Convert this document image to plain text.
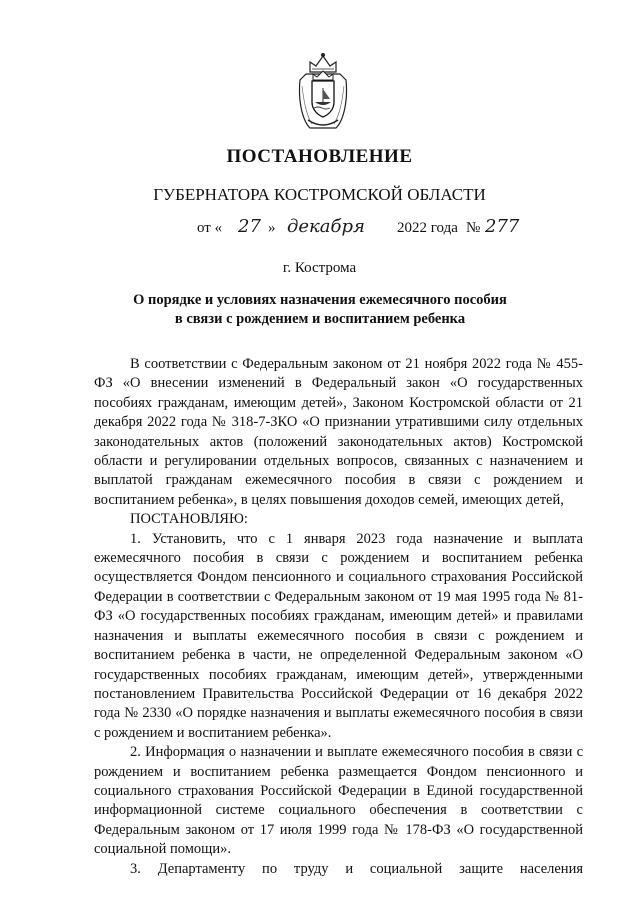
ПОСТАНОВЛЕНИЕ
ГУБЕРНАТОРА КОСТРОМСКОЙ ОБЛАСТИ
от « 27 » декабря 2022 года № 277
г. Кострома
О порядке и условиях назначения ежемесячного пособия
в связи с рождением и воспитанием ребенка

В соответствии с Федеральным законом от 21 ноября 2022 года № 455-ФЗ «О внесении изменений в Федеральный закон «О государственных пособиях гражданам, имеющим детей», Законом Костромской области от 21 декабря 2022 года № 318-7-ЗКО «О признании утратившими силу отдельных законодательных актов (положений законодательных актов) Костромской области и регулировании отдельных вопросов, связанных с назначением и выплатой гражданам ежемесячного пособия в связи с рождением и воспитанием ребенка», в целях повышения доходов семей, имеющих детей,

ПОСТАНОВЛЯЮ:

1. Установить, что с 1 января 2023 года назначение и выплата ежемесячного пособия в связи с рождением и воспитанием ребенка осуществляется Фондом пенсионного и социального страхования Российской Федерации в соответствии с Федеральным законом от 19 мая 1995 года № 81-ФЗ «О государственных пособиях гражданам, имеющим детей» и правилами назначения и выплаты ежемесячного пособия в связи с рождением и воспитанием ребенка в части, не определенной Федеральным законом «О государственных пособиях гражданам, имеющим детей», утвержденными постановлением Правительства Российской Федерации от 16 декабря 2022 года № 2330 «О порядке назначения и выплаты ежемесячного пособия в связи с рождением и воспитанием ребенка».

2. Информация о назначении и выплате ежемесячного пособия в связи с рождением и воспитанием ребенка размещается Фондом пенсионного и социального страхования Российской Федерации в Единой государственной информационной системе социального обеспечения в соответствии с Федеральным законом от 17 июля 1999 года № 178-ФЗ «О государственной социальной помощи».

3. Департаменту по труду и социальной защите населения
